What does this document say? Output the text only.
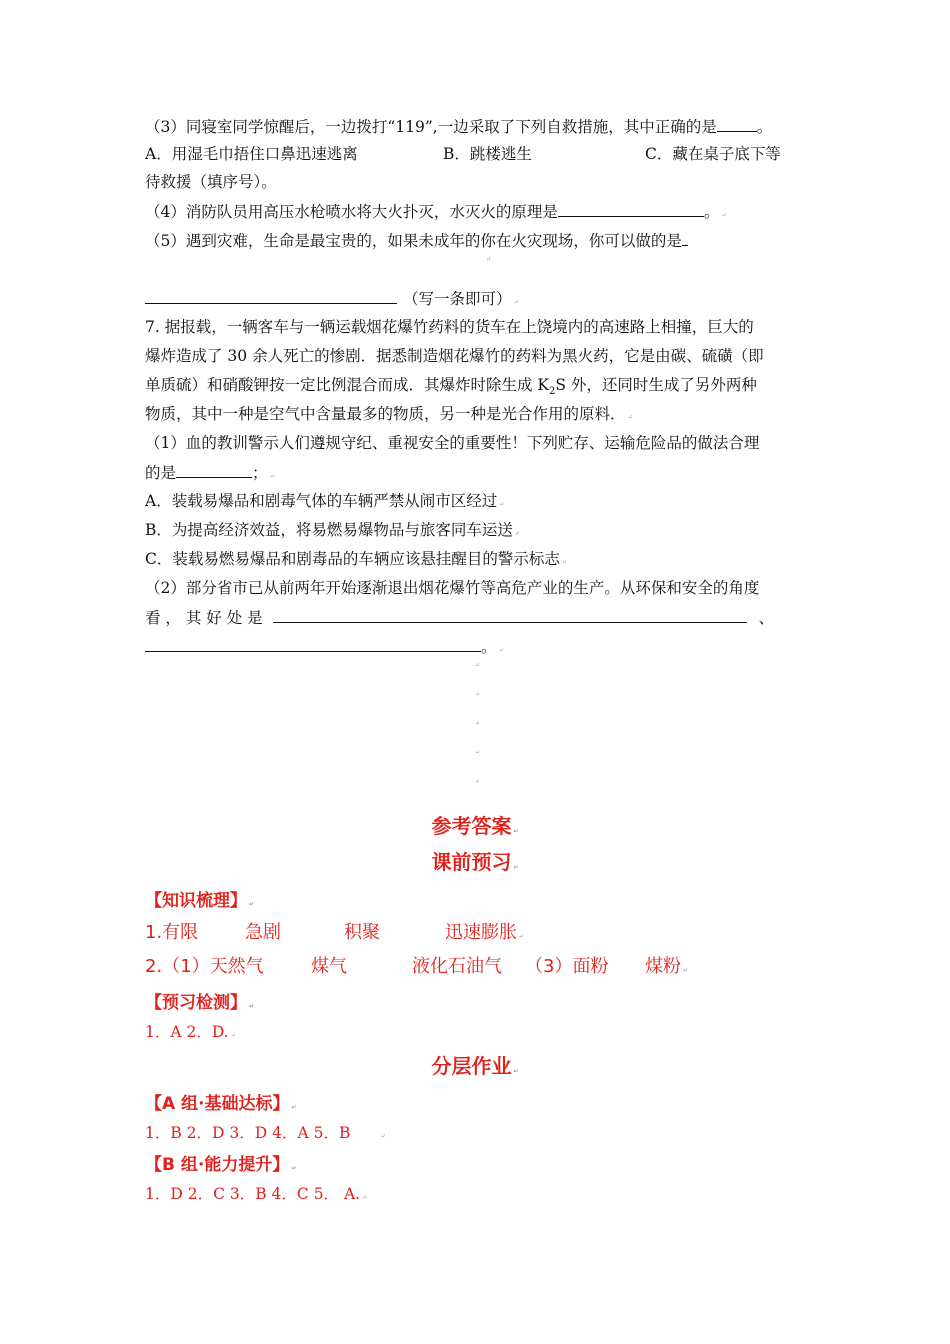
（3）同寝室同学惊醒后，一边拨打“119”,一边采取了下列自救措施，其中正确的是	。
A．用湿毛巾捂住口鼻迅速逃离	B．跳楼逃生	C．藏在桌子底下等
待救援（填序号）。
（4）消防队员用高压水枪喷水将大火扑灭，水灭火的原理是	。 ↵
（5）遇到灾难，生命是最宝贵的，如果未成年的你在火灾现场，你可以做的是
↵
（写一条即可） ↵
7. 据报载，一辆客车与一辆运载烟花爆竹药料的货车在上饶境内的高速路上相撞，巨大的
爆炸造成了 30 余人死亡的惨剧．据悉制造烟花爆竹的药料为黑火药，它是由碳、硫磺（即
单质硫）和硝酸钾按一定比例混合而成．其爆炸时除生成 $K_2S$ 外，还同时生成了另外两种
物质，其中一种是空气中含量最多的物质，另一种是光合作用的原料． ↵
（1）血的教训警示人们遵规守纪、重视安全的重要性！下列贮存、运输危险品的做法合理
的是	； ↵
A．装载易爆品和剧毒气体的车辆严禁从闹市区经过 ↵
B．为提高经济效益，将易燃易爆物品与旅客同车运送 ↵
C．装载易燃易爆品和剧毒品的车辆应该悬挂醒目的警示标志 ↵
（2）部分省市已从前两年开始逐渐退出烟花爆竹等高危产业的生产。从环保和安全的角度
看 ， 其 好 处 是	、
。 ↵
↵
↵
↵
↵
↵
参考答案 ↵
课前预习 ↵
【知识梳理】 ↵
1.有限	急剧	积聚	迅速膨胀 ↵
2.（1）天然气	煤气	液化石油气 （3）面粉 煤粉 ↵
【预习检测】 ↵
1．A 2．D. ↵
分层作业 ↵
【A 组·基础达标】 ↵
1．B 2．D 3．D 4．A 5．B	↵
【B 组·能力提升】 ↵
1．D 2．C 3．B 4．C 5． A. ↵
